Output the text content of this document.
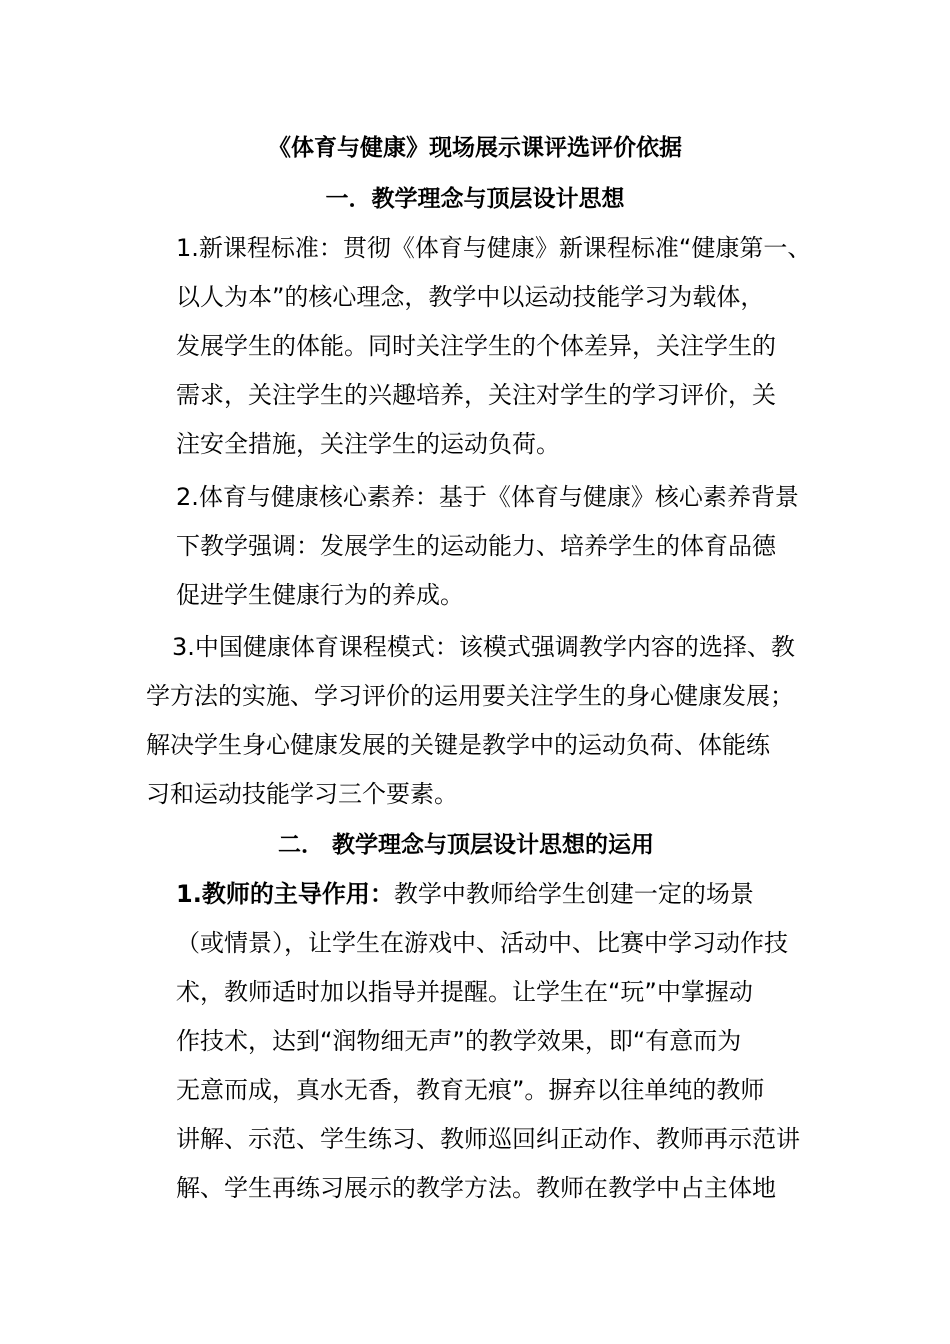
《体育与健康》现场展示课评选评价依据
一．教学理念与顶层设计思想
1.新课程标准：贯彻《体育与健康》新课程标准“健康第一、
以人为本”的核心理念，教学中以运动技能学习为载体，
发展学生的体能。同时关注学生的个体差异，关注学生的
需求，关注学生的兴趣培养，关注对学生的学习评价，关
注安全措施，关注学生的运动负荷。
2.体育与健康核心素养：基于《体育与健康》核心素养背景
下教学强调：发展学生的运动能力、培养学生的体育品德
促进学生健康行为的养成。
3.中国健康体育课程模式：该模式强调教学内容的选择、教
学方法的实施、学习评价的运用要关注学生的身心健康发展；
解决学生身心健康发展的关键是教学中的运动负荷、体能练
习和运动技能学习三个要素。
二． 教学理念与顶层设计思想的运用
1.教师的主导作用：教学中教师给学生创建一定的场景
（或情景），让学生在游戏中、活动中、比赛中学习动作技
术，教师适时加以指导并提醒。让学生在“玩”中掌握动
作技术，达到“润物细无声”的教学效果，即“有意而为
无意而成，真水无香，教育无痕”。摒弃以往单纯的教师
讲解、示范、学生练习、教师巡回纠正动作、教师再示范讲
解、学生再练习展示的教学方法。教师在教学中占主体地
